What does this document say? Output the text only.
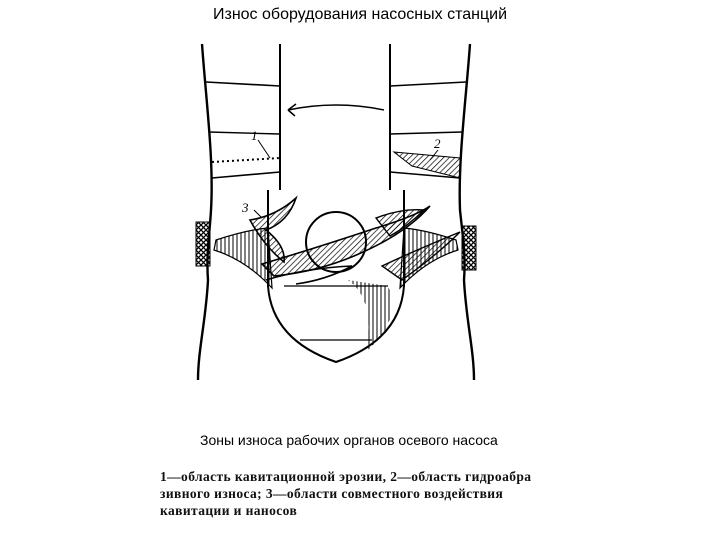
Износ оборудования насосных станций
1
2
3
Зоны износа рабочих органов осевого насоса
1—область кавитационной эрозии, 2—область гидроабра
зивного износа; 3—области совместного воздействия
кавитации и наносов
